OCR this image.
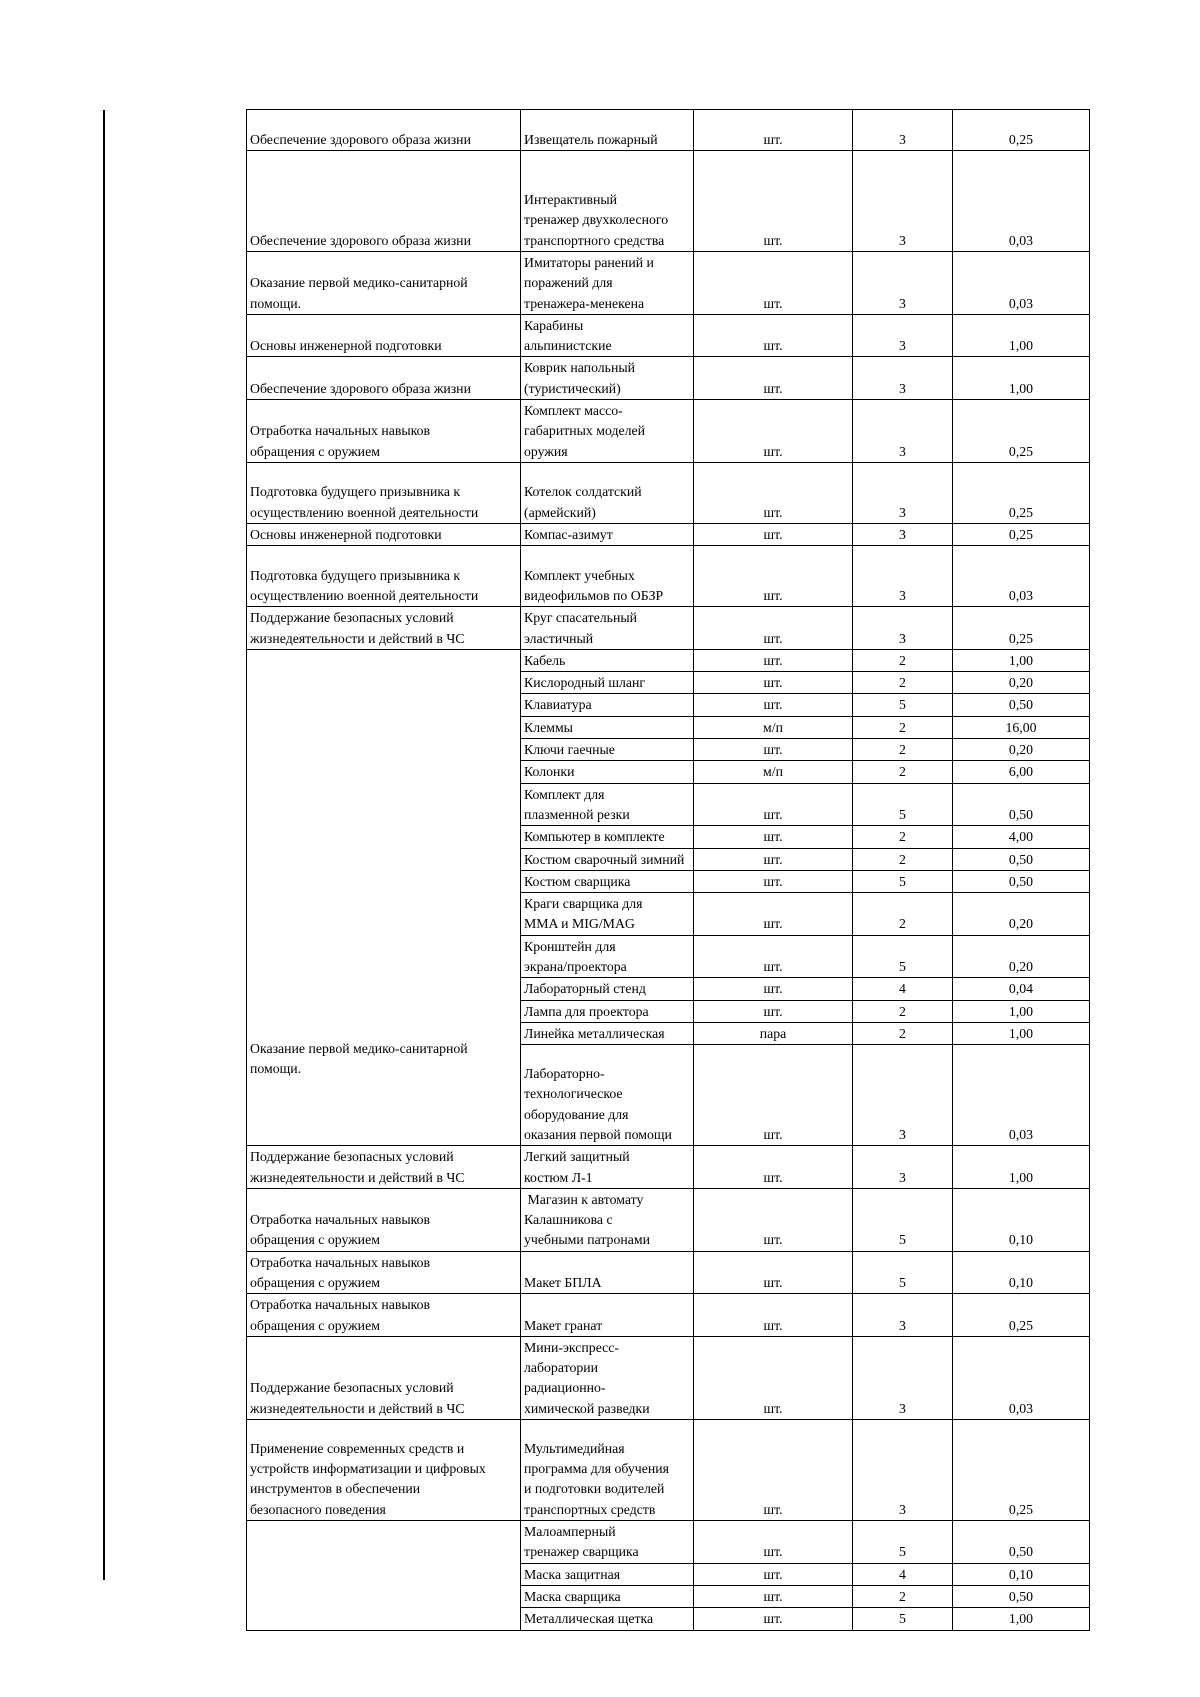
Обеспечение здорового образа жизни	Извещатель пожарный	шт.	3	0,25
Обеспечение здорового образа жизни	Интерактивный
тренажер двухколесного
транспортного средства	шт.	3	0,03
Оказание первой медико-санитарной
помощи.	Имитаторы ранений и
поражений для
тренажера-менекена	шт.	3	0,03
Основы инженерной подготовки	Карабины
альпинистские	шт.	3	1,00
Обеспечение здорового образа жизни	Коврик напольный
(туристический)	шт.	3	1,00
Отработка начальных навыков
обращения с оружием	Комплект массо-
габаритных моделей
оружия	шт.	3	0,25
Подготовка будущего призывника к
осуществлению военной деятельности	Котелок солдатский
(армейский)	шт.	3	0,25
Основы инженерной подготовки	Компас-азимут	шт.	3	0,25
Подготовка будущего призывника к
осуществлению военной деятельности	Комплект учебных
видеофильмов по ОБЗР	шт.	3	0,03
Поддержание безопасных условий
жизнедеятельности и действий в ЧС	Круг спасательный
эластичный	шт.	3	0,25
Оказание первой медико-санитарной
помощи.	Кабель	шт.	2	1,00
	Кислородный шланг	шт.	2	0,20
	Клавиатура	шт.	5	0,50
	Клеммы	м/п	2	16,00
	Ключи гаечные	шт.	2	0,20
	Колонки	м/п	2	6,00
	Комплект для
плазменной резки	шт.	5	0,50
	Компьютер в комплекте	шт.	2	4,00
	Костюм сварочный зимний	шт.	2	0,50
	Костюм сварщика	шт.	5	0,50
	Краги сварщика для
MMA и MIG/MAG	шт.	2	0,20
	Кронштейн для
экрана/проектора	шт.	5	0,20
	Лабораторный стенд	шт.	4	0,04
	Лампа для проектора	шт.	2	1,00
	Линейка металлическая	пара	2	1,00
	Лабораторно-
технологическое
оборудование для
оказания первой помощи	шт.	3	0,03
Поддержание безопасных условий
жизнедеятельности и действий в ЧС	Легкий защитный
костюм Л-1	шт.	3	1,00
Отработка начальных навыков
обращения с оружием	Магазин к автомату
Калашникова с
учебными патронами	шт.	5	0,10
Отработка начальных навыков
обращения с оружием	Макет БПЛА	шт.	5	0,10
Отработка начальных навыков
обращения с оружием	Макет гранат	шт.	3	0,25
Поддержание безопасных условий
жизнедеятельности и действий в ЧС	Мини-экспресс-
лаборатории
радиационно-
химической разведки	шт.	3	0,03
Применение современных средств и
устройств информатизации и цифровых
инструментов в обеспечении
безопасного поведения	Мультимедийная
программа для обучения
и подготовки водителей
транспортных средств	шт.	3	0,25
	Малоамперный
тренажер сварщика	шт.	5	0,50
	Маска защитная	шт.	4	0,10
	Маска сварщика	шт.	2	0,50
	Металлическая щетка	шт.	5	1,00
